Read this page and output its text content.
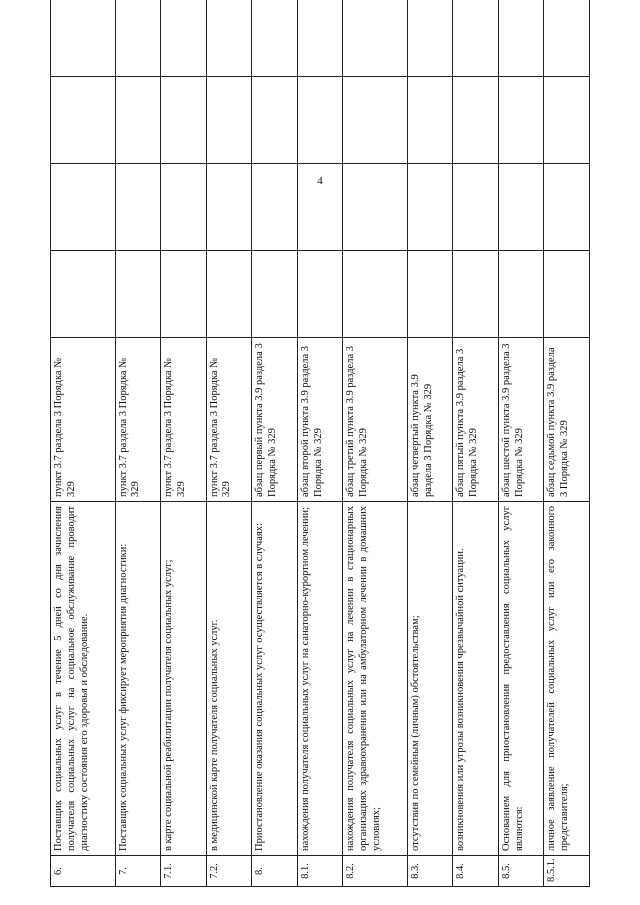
4
6.	Поставщик социальных услуг в течение 5 дней со дня зачисления получателя социальных услуг на социальное обслуживание проводит диагностику состояния его здоровья и обследование.	пункт 3.7 раздела 3 Порядка № 329				
7.	Поставщик социальных услуг фиксирует мероприятия диагностики:	пункт 3.7 раздела 3 Порядка № 329				
7.1.	в карте социальной реабилитации получателя социальных услуг;	пункт 3.7 раздела 3 Порядка № 329				
7.2.	в медицинской карте получателя социальных услуг.	пункт 3.7 раздела 3 Порядка № 329				
8.	Приостановление оказания социальных услуг осуществляется в случаях:	абзац первый пункта 3.9 раздела 3 Порядка № 329				
8.1.	нахождения получателя социальных услуг на санаторно-курортном лечении;	абзац второй пункта 3.9 раздела 3 Порядка № 329				
8.2.	нахождения получателя социальных услуг на лечении в стационарных организациях здравоохранения или на амбулаторном лечении в домашних условиях;	абзац третий пункта 3.9 раздела 3 Порядка № 329				
8.3.	отсутствия по семейным (личным) обстоятельствам;	абзац четвертый пункта 3.9 раздела 3 Порядка № 329				
8.4.	возникновения или угрозы возникновения чрезвычайной ситуации.	абзац пятый пункта 3.9 раздела 3 Порядка № 329				
8.5.	Основанием для приостановления предоставления социальных услуг являются:	абзац шестой пункта 3.9 раздела 3 Порядка № 329				
8.5.1.	личное заявление получателей социальных услуг или его законного представителя;	абзац седьмой пункта 3.9 раздела 3 Порядка № 329				
